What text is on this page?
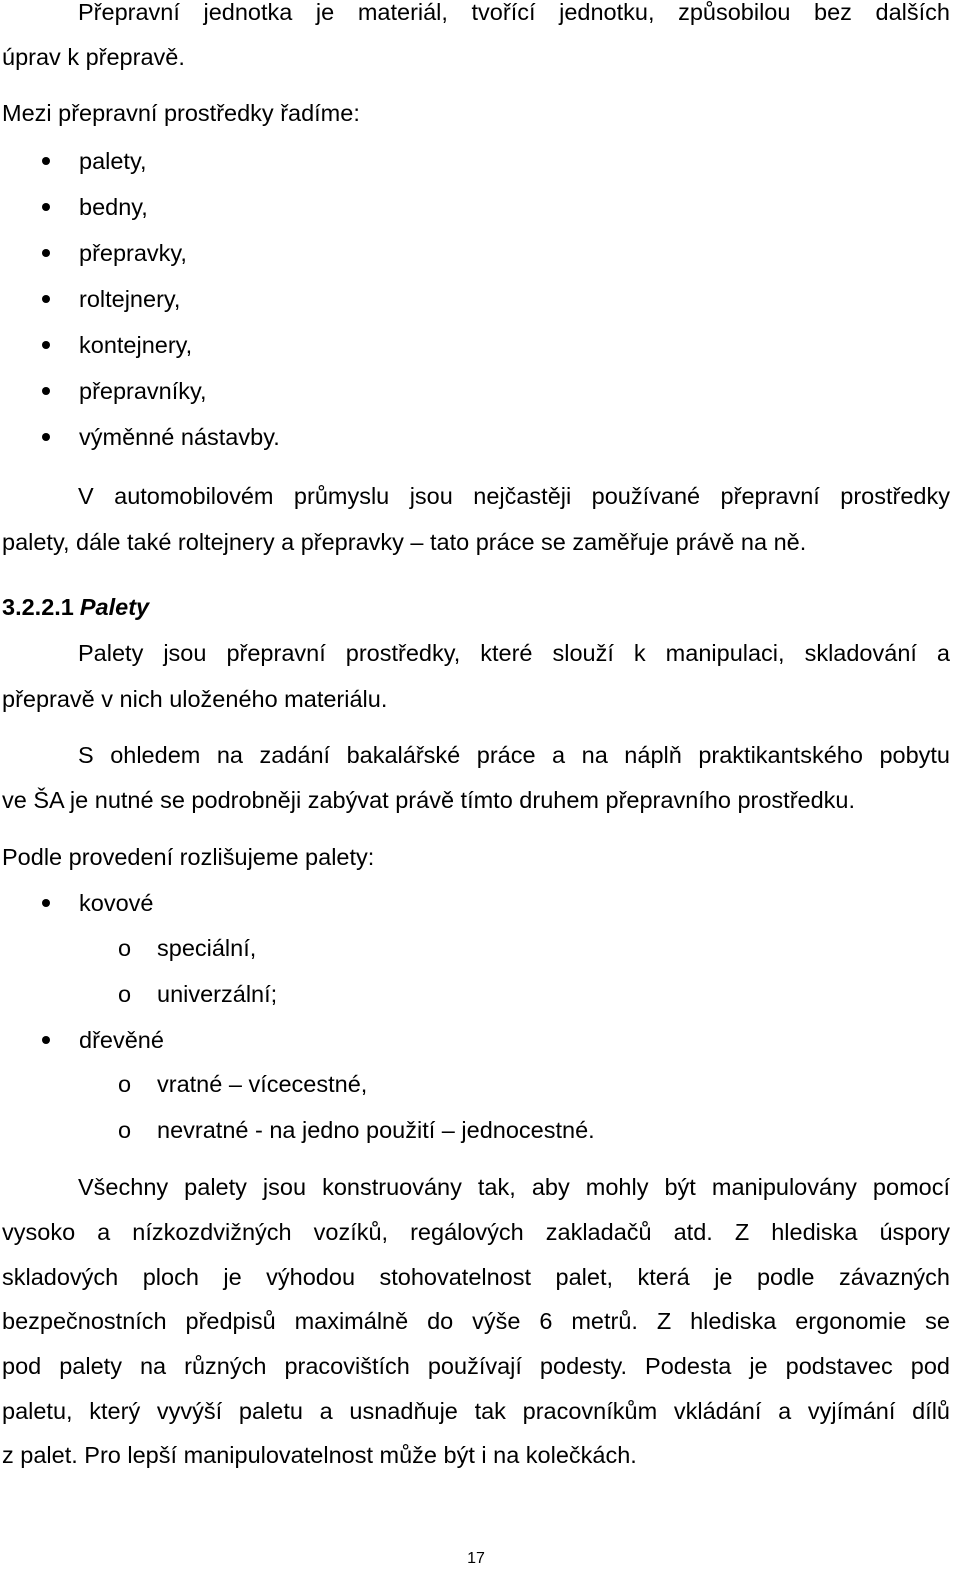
Přepravní jednotka je materiál, tvořící jednotku, způsobilou bez dalších
úprav k přepravě.
Mezi přepravní prostředky řadíme:
palety,
bedny,
přepravky,
roltejnery,
kontejnery,
přepravníky,
výměnné nástavby.
V automobilovém průmyslu jsou nejčastěji používané přepravní prostředky
palety, dále také roltejnery a přepravky – tato práce se zaměřuje právě na ně.
3.2.2.1 Palety
Palety jsou přepravní prostředky, které slouží k manipulaci, skladování a
přepravě v nich uloženého materiálu.
S ohledem na zadání bakalářské práce a na náplň praktikantského pobytu
ve ŠA je nutné se podrobněji zabývat právě tímto druhem přepravního prostředku.
Podle provedení rozlišujeme palety:
kovové
o speciální,
o univerzální;
dřevěné
o vratné – vícecestné,
o nevratné - na jedno použití – jednocestné.
Všechny palety jsou konstruovány tak, aby mohly být manipulovány pomocí
vysoko a nízkozdvižných vozíků, regálových zakladačů atd. Z hlediska úspory
skladových ploch je výhodou stohovatelnost palet, která je podle závazných
bezpečnostních předpisů maximálně do výše 6 metrů. Z hlediska ergonomie se
pod palety na různých pracovištích používají podesty. Podesta je podstavec pod
paletu, který vyvýší paletu a usnadňuje tak pracovníkům vkládání a vyjímání dílů
z palet. Pro lepší manipulovatelnost může být i na kolečkách.
17
